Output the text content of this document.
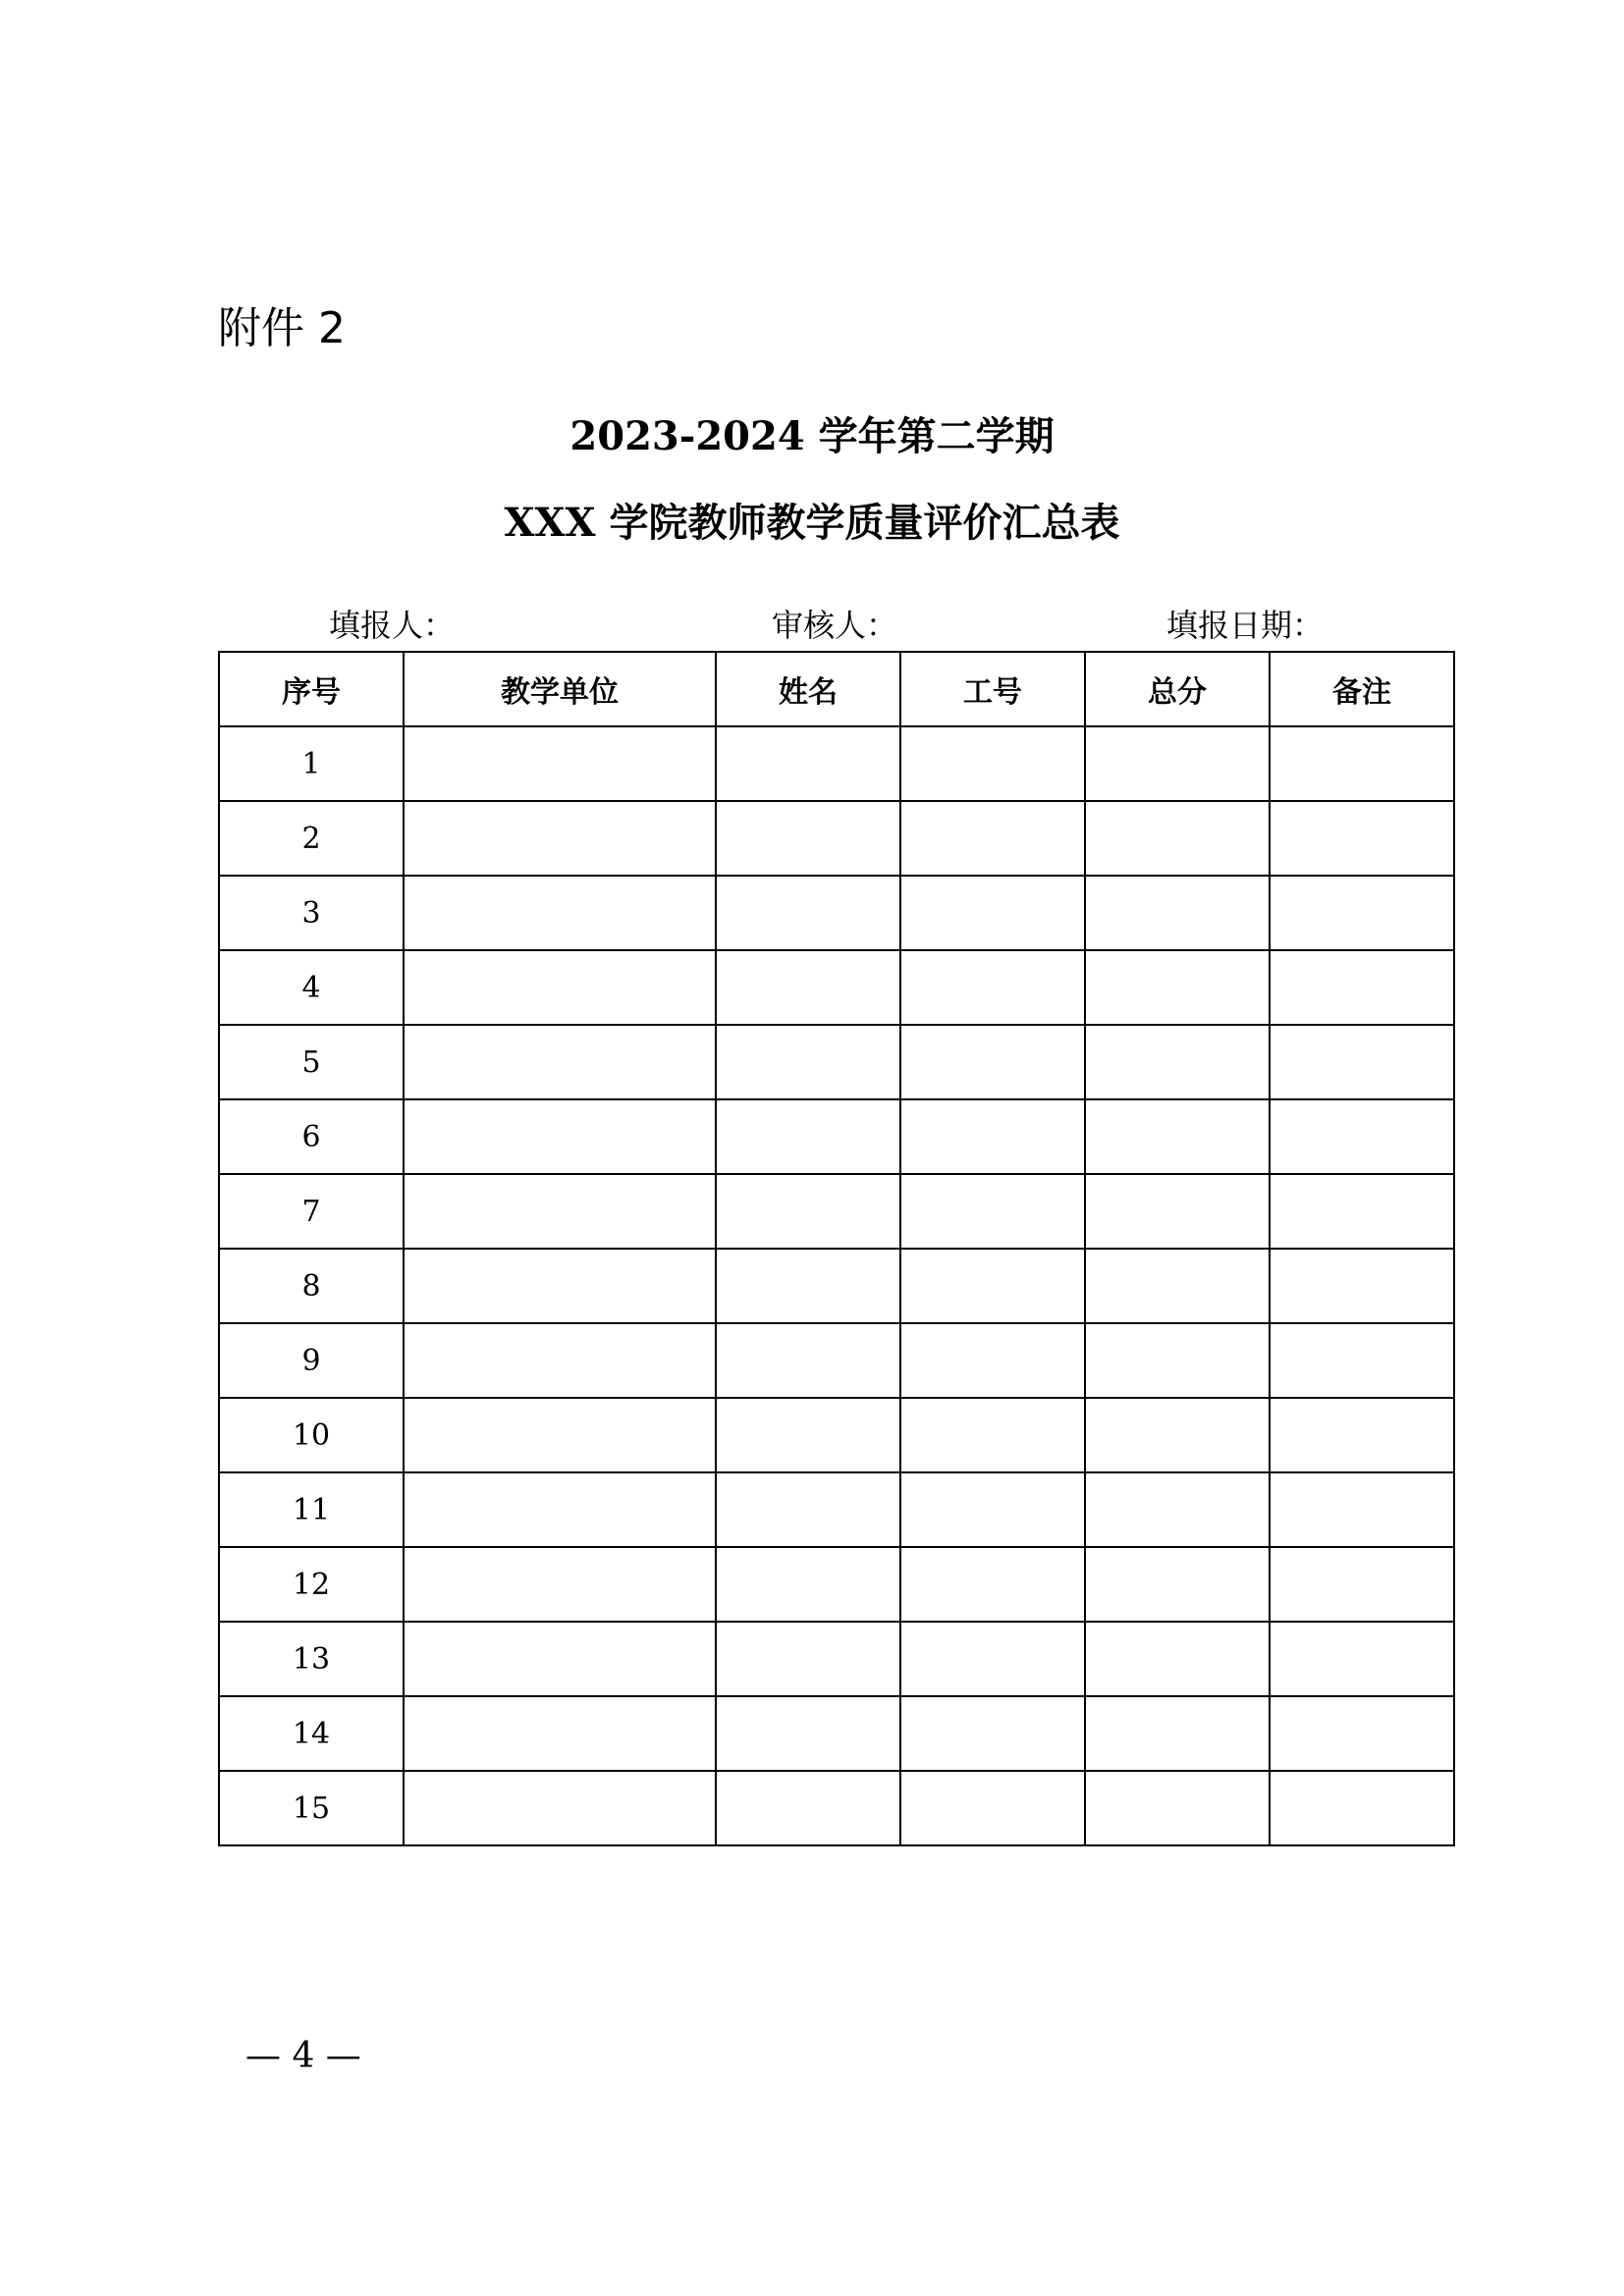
附件 2
2023-2024 学年第二学期
XXX 学院教师教学质量评价汇总表
填报人：	审核人：	填报日期：
序号	教学单位	姓名	工号	总分	备注
1					
2					
3					
4					
5					
6					
7					
8					
9					
10					
11					
12					
13					
14					
15					
— 4 —
